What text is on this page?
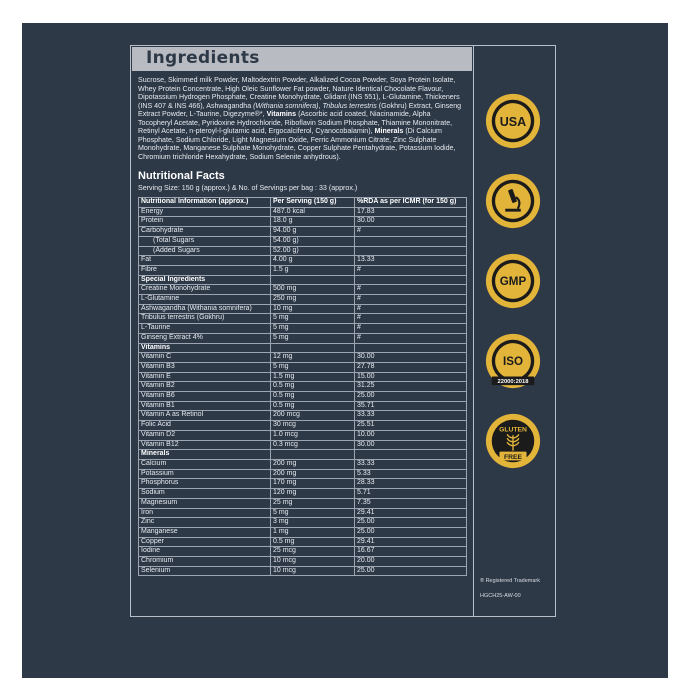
Ingredients
Sucrose, Skimmed milk Powder, Maltodextrin Powder, Alkalized Cocoa Powder, Soya Protein Isolate, Whey Protein Concentrate, High Oleic Sunflower Fat powder, Nature Identical Chocolate Flavour, Dipotassium Hydrogen Phosphate, Creatine Monohydrate, Glidant (INS 551), L-Glutamine, Thickeners (INS 407 & INS 466), Ashwagandha (Withania somnifera), Tribulus terrestris (Gokhru) Extract, Ginseng Extract Powder, L-Taurine, Digezyme®*, Vitamins (Ascorbic acid coated, Niacinamide, Alpha Tocopheryl Acetate, Pyridoxine Hydrochloride, Riboflavin Sodium Phosphate, Thiamine Mononitrate, Retinyl Acetate, n-pteroyl-l-glutamic acid, Ergocalciferol, Cyanocobalamin), Minerals (Di Calcium Phosphate, Sodium Chloride, Light Magnesium Oxide, Ferric Ammonium Citrate, Zinc Sulphate Monohydrate, Manganese Sulphate Monohydrate, Copper Sulphate Pentahydrate, Potassium Iodide, Chromium trichloride Hexahydrate, Sodium Selenite anhydrous).
Nutritional Facts
Serving Size: 150 g (approx.) & No. of Servings per bag : 33 (approx.)
Nutritional Information (approx.)	Per Serving (150 g)	%RDA as per ICMR (for 150 g)
Energy	487.0 kcal	17.83
Protein	18.0 g	30.00
Carbohydrate	94.00 g	#
(Total Sugars	54.00 g)	
(Added Sugars	52.00 g)	
Fat	4.00 g	13.33
Fibre	1.5 g	#
Special Ingredients		
Creatine Monohydrate	500 mg	#
L-Glutamine	250 mg	#
Ashwagandha (Withania somnifera)	10 mg	#
Tribulus terrestris (Gokhru)	5 mg	#
L-Taurine	5 mg	#
Ginseng Extract 4%	5 mg	#
Vitamins		
Vitamin C	12 mg	30.00
Vitamin B3	5 mg	27.78
Vitamin E	1.5 mg	15.00
Vitamin B2	0.5 mg	31.25
Vitamin B6	0.5 mg	25.00
Vitamin B1	0.5 mg	35.71
Vitamin A as Retinol	200 mcg	33.33
Folic Acid	30 mcg	25.51
Vitamin D2	1.0 mcg	10.00
Vitamin B12	0.3 mcg	30.00
Minerals		
Calcium	200 mg	33.33
Potassium	200 mg	5.33
Phosphorus	170 mg	28.33
Sodium	120 mg	5.71
Magnesium	25 mg	7.35
Iron	5 mg	29.41
Zinc	3 mg	25.00
Manganese	1 mg	25.00
Copper	0.5 mg	29.41
Iodine	25 mcg	16.67
Chromium	10 mcg	20.00
Selenium	10 mcg	25.00
USA
GMP
ISO
22000:2018
GLUTEN
FREE
® Registered Trademark
HGCH25-AW-00
